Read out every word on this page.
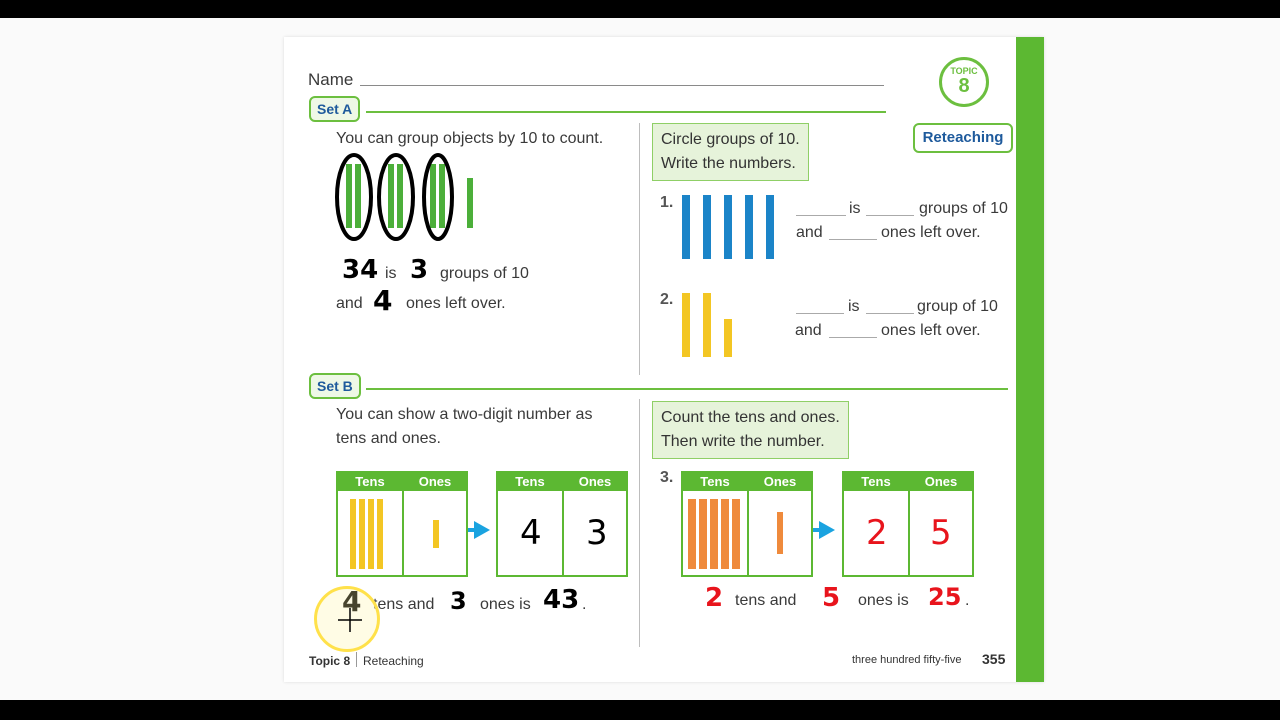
Name	TOPIC
8
Reteaching
Set A
You can group objects by 10 to count.
34 is 3 groups of 10
and 4 ones left over.
Circle groups of 10.
Write the numbers.
1.	is	groups of 10
and	ones left over.
2.	is	group of 10
and	ones left over.
Set B
You can show a two-digit number as
tens and ones.
Count the tens and ones.
Then write the number.
Tens	Ones	Tens	Ones
4 3
4 tens and 3 ones is 43 .
3.	Tens	Ones	Tens	Ones
2 5
2 tens and 5 ones is 25 .
Topic 8 Reteaching	three hundred fifty-five 355
